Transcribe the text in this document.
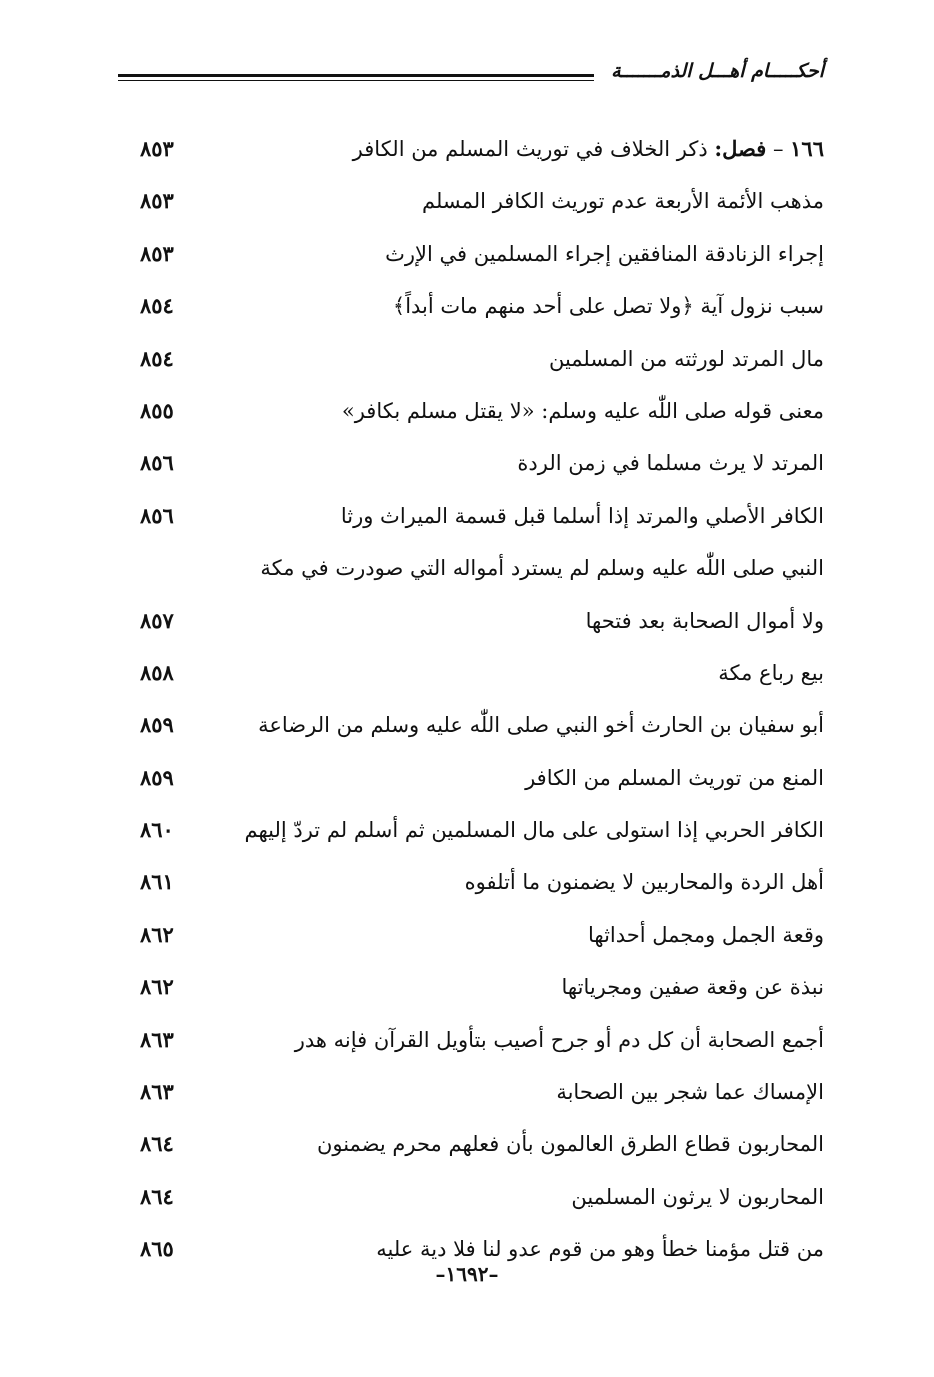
أحكـــــام أهـــل الذمـــــــة
١٦٦ – فصل: ذكر الخلاف في توريث المسلم من الكافر
٨٥٣
مذهب الأئمة الأربعة عدم توريث الكافر المسلم
٨٥٣
إجراء الزنادقة المنافقين إجراء المسلمين في الإرث
٨٥٣
سبب نزول آية ﴿ولا تصل على أحد منهم مات أبداً﴾
٨٥٤
مال المرتد لورثته من المسلمين
٨٥٤
معنى قوله صلى اللّٰه عليه وسلم: «لا يقتل مسلم بكافر»
٨٥٥
المرتد لا يرث مسلما في زمن الردة
٨٥٦
الكافر الأصلي والمرتد إذا أسلما قبل قسمة الميراث ورثا
٨٥٦
النبي صلى اللّٰه عليه وسلم لم يسترد أمواله التي صودرت في مكة
ولا أموال الصحابة بعد فتحها
٨٥٧
بيع رباع مكة
٨٥٨
أبو سفيان بن الحارث أخو النبي صلى اللّٰه عليه وسلم من الرضاعة
٨٥٩
المنع من توريث المسلم من الكافر
٨٥٩
الكافر الحربي إذا استولى على مال المسلمين ثم أسلم لم تردّ إليهم
٨٦٠
أهل الردة والمحاربين لا يضمنون ما أتلفوه
٨٦١
وقعة الجمل ومجمل أحداثها
٨٦٢
نبذة عن وقعة صفين ومجرياتها
٨٦٢
أجمع الصحابة أن كل دم أو جرح أصيب بتأويل القرآن فإنه هدر
٨٦٣
الإمساك عما شجر بين الصحابة
٨٦٣
المحاربون قطاع الطرق العالمون بأن فعلهم محرم يضمنون
٨٦٤
المحاربون لا يرثون المسلمين
٨٦٤
من قتل مؤمنا خطأ وهو من قوم عدو لنا فلا دية عليه
٨٦٥
–١٦٩٢–
